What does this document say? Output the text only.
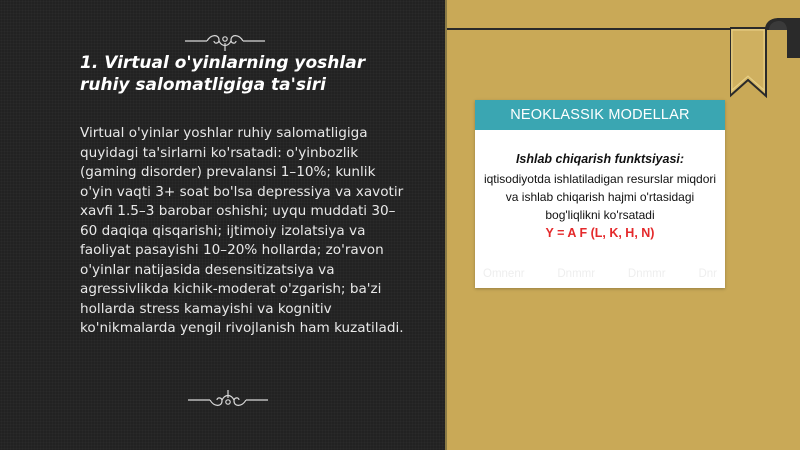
1. Virtual o'yinlarning yoshlar ruhiy salomatligiga ta'siri
Virtual o'yinlar yoshlar ruhiy salomatligiga quyidagi ta'sirlarni ko'rsatadi: o'yinbozlik (gaming disorder) prevalansi 1–10%; kunlik o'yin vaqti 3+ soat bo'lsa depressiya va xavotir xavfi 1.5–3 barobar oshishi; uyqu muddati 30–60 daqiqa qisqarishi; ijtimoiy izolatsiya va faoliyat pasayishi 10–20% hollarda; zo'ravon o'yinlar natijasida desensitizatsiya va agressivlikda kichik-moderat o'zgarish; ba'zi hollarda stress kamayishi va kognitiv ko'nikmalarda yengil rivojlanish ham kuzatiladi.
NEOKLASSIK MODELLAR
Ishlab chiqarish funktsiyasi:
iqtisodiyotda ishlatiladigan resurslar miqdori va ishlab chiqarish hajmi o'rtasidagi bog'liqlikni ko'rsatadi
Y = A F (L, K, H, N)
Omnenr	Dnmmr	Dnmmr	Dnr
